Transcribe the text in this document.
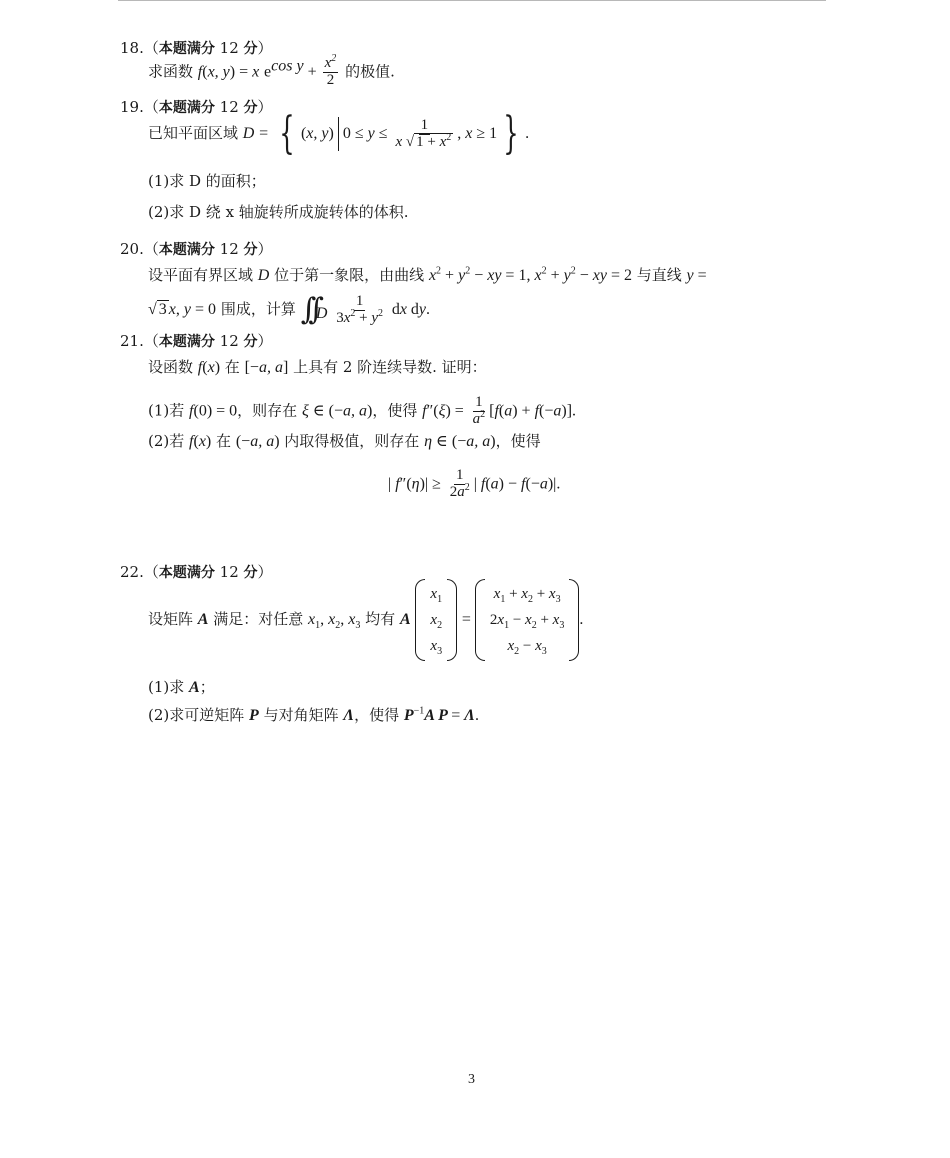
18.（本题满分 12 分）
求函数 f(x, y) = x $e^{cos y} + \frac{x^2}{2}$ 的极值.
19.（本题满分 12 分）
已知平面区域 D = { (x, y) $0 \le y \le \frac{1}{x √ 1 + x^2}$ , x ≥ 1 } .
(1)求 D 的面积；
(2)求 D 绕 x 轴旋转所成旋转体的体积.
20.（本题满分 12 分）
设平面有界区域 D 位于第一象限，由曲线 $x^2 + y^2$ − xy = 1, $x^2 + y^2$ − xy = 2 与直线 y =
√ 3 x, y = 0 围成，计算 $\int\int_D \frac{1}{3x^2 + y^2}$ dx dy.
21.（本题满分 12 分）
设函数 f(x) 在 [−a, a] 上具有 2 阶连续导数. 证明：
(1)若 f(0) = 0，则存在 ξ ∈ (−a, a)，使得 $f''(\xi) = \frac{1}{a^2} [f(a) + f(-a)]$.
(2)若 f(x) 在 (−a, a) 内取得极值，则存在 η ∈ (−a, a)，使得
| $f''(\eta)| \ge \frac{1}{2a^2}$ | f(a) − f(−a)|.
22.（本题满分 12 分）
设矩阵 A 满足：对任意 $x_1$, $x_2$, $x_3$ 均有 A
$x_1$
$x_2$
$x_3$
=
$x_1 + x_2 + x_3$
$2x_1 - x_2 + x_3$
$x_2 - x_3$
.
(1)求 A；
(2)求可逆矩阵 P 与对角矩阵 Λ，使得 $P^{-1}A$ P = Λ.
3
